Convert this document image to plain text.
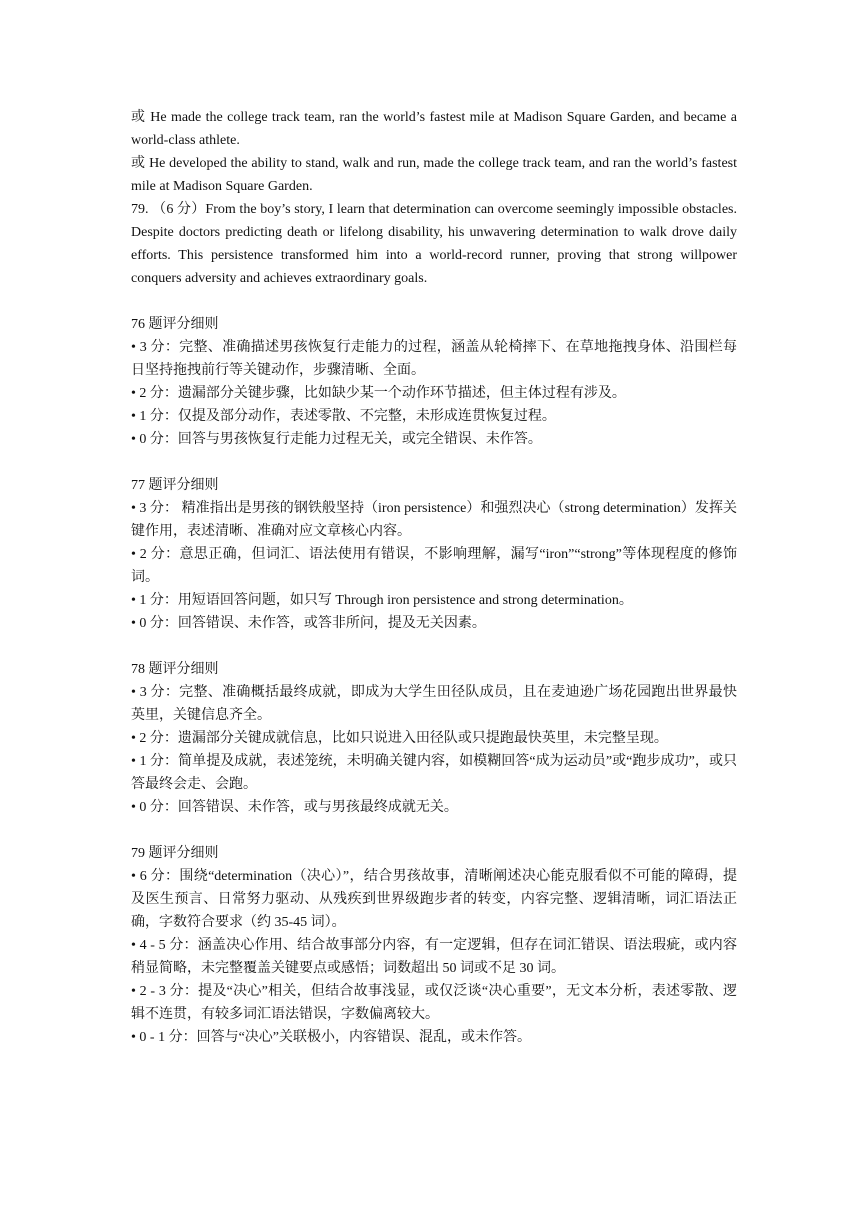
或 He made the college track team, ran the world’s fastest mile at Madison Square Garden, and became a world-class athlete.

或 He developed the ability to stand, walk and run, made the college track team, and ran the world’s fastest mile at Madison Square Garden.

79. （6 分）From the boy’s story, I learn that determination can overcome seemingly impossible obstacles. Despite doctors predicting death or lifelong disability, his unwavering determination to walk drove daily efforts. This persistence transformed him into a world-record runner, proving that strong willpower conquers adversity and achieves extraordinary goals.

76 题评分细则

• 3 分：完整、准确描述男孩恢复行走能力的过程，涵盖从轮椅摔下、在草地拖拽身体、沿围栏每日坚持拖拽前行等关键动作，步骤清晰、全面。

• 2 分：遗漏部分关键步骤，比如缺少某一个动作环节描述，但主体过程有涉及。

• 1 分：仅提及部分动作，表述零散、不完整，未形成连贯恢复过程。

• 0 分：回答与男孩恢复行走能力过程无关，或完全错误、未作答。

77 题评分细则

• 3 分： 精准指出是男孩的钢铁般坚持（iron persistence）和强烈决心（strong determination）发挥关键作用，表述清晰、准确对应文章核心内容。

• 2 分：意思正确，但词汇、语法使用有错误，不影响理解，漏写“iron”“strong”等体现程度的修饰词。

• 1 分：用短语回答问题，如只写 Through iron persistence and strong determination。

• 0 分：回答错误、未作答，或答非所问，提及无关因素。

78 题评分细则

• 3 分：完整、准确概括最终成就，即成为大学生田径队成员，且在麦迪逊广场花园跑出世界最快英里，关键信息齐全。

• 2 分：遗漏部分关键成就信息，比如只说进入田径队或只提跑最快英里，未完整呈现。

• 1 分：简单提及成就，表述笼统，未明确关键内容，如模糊回答“成为运动员”或“跑步成功”，或只答最终会走、会跑。

• 0 分：回答错误、未作答，或与男孩最终成就无关。

79 题评分细则

• 6 分：围绕“determination（决心）”，结合男孩故事，清晰阐述决心能克服看似不可能的障碍，提及医生预言、日常努力驱动、从残疾到世界级跑步者的转变，内容完整、逻辑清晰，词汇语法正确，字数符合要求（约 35-45 词）。

• 4 - 5 分：涵盖决心作用、结合故事部分内容，有一定逻辑，但存在词汇错误、语法瑕疵，或内容稍显简略，未完整覆盖关键要点或感悟；词数超出 50 词或不足 30 词。

• 2 - 3 分：提及“决心”相关，但结合故事浅显，或仅泛谈“决心重要”，无文本分析，表述零散、逻辑不连贯，有较多词汇语法错误，字数偏离较大。

• 0 - 1 分：回答与“决心”关联极小，内容错误、混乱，或未作答。
